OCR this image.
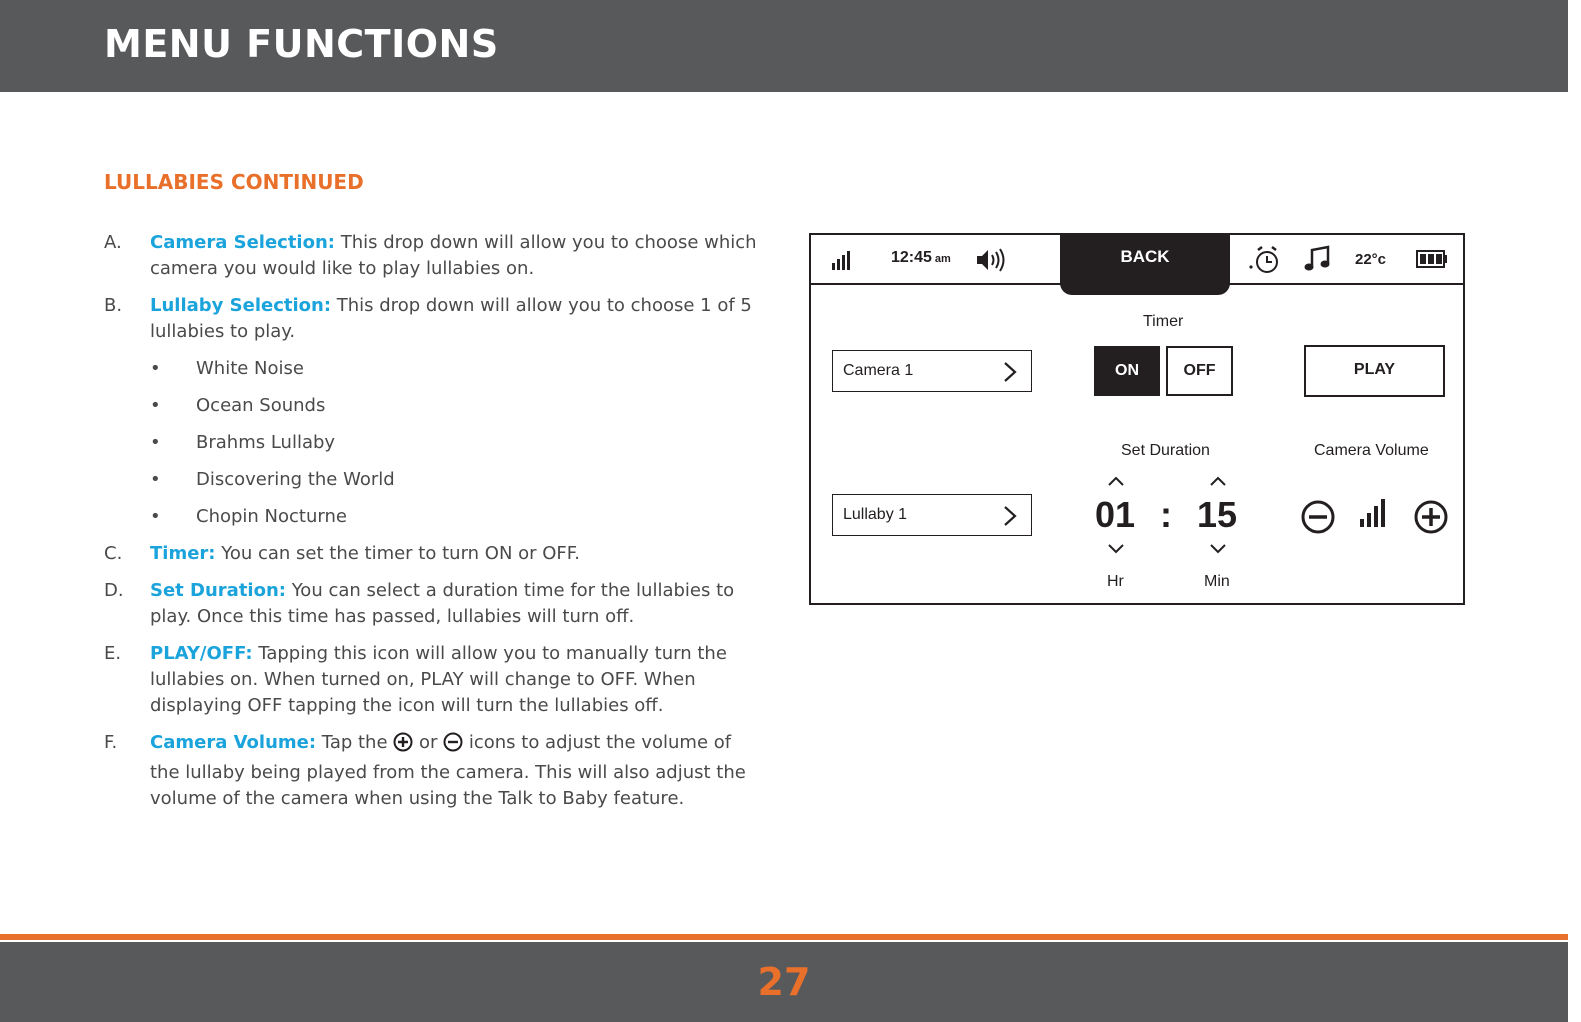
MENU FUNCTIONS
LULLABIES CONTINUED
A. Camera Selection: This drop down will allow you to choose which camera you would like to play lullabies on.
B. Lullaby Selection: This drop down will allow you to choose 1 of 5 lullabies to play.
• White Noise
• Ocean Sounds
• Brahms Lullaby
• Discovering the World
• Chopin Nocturne
C. Timer: You can set the timer to turn ON or OFF.
D. Set Duration: You can select a duration time for the lullabies to play. Once this time has passed, lullabies will turn off.
E. PLAY/OFF: Tapping this icon will allow you to manually turn the lullabies on. When turned on, PLAY will change to OFF. When displaying OFF tapping the icon will turn the lullabies off.
F. Camera Volume: Tap the  or  icons to adjust the volume of the lullaby being played from the camera. This will also adjust the volume of the camera when using the Talk to Baby feature.
12:45 am	BACK	22°c
Timer
Camera 1	ON	OFF	PLAY
Set Duration	Camera Volume
Lullaby 1	01 : 15
Hr	Min
27
